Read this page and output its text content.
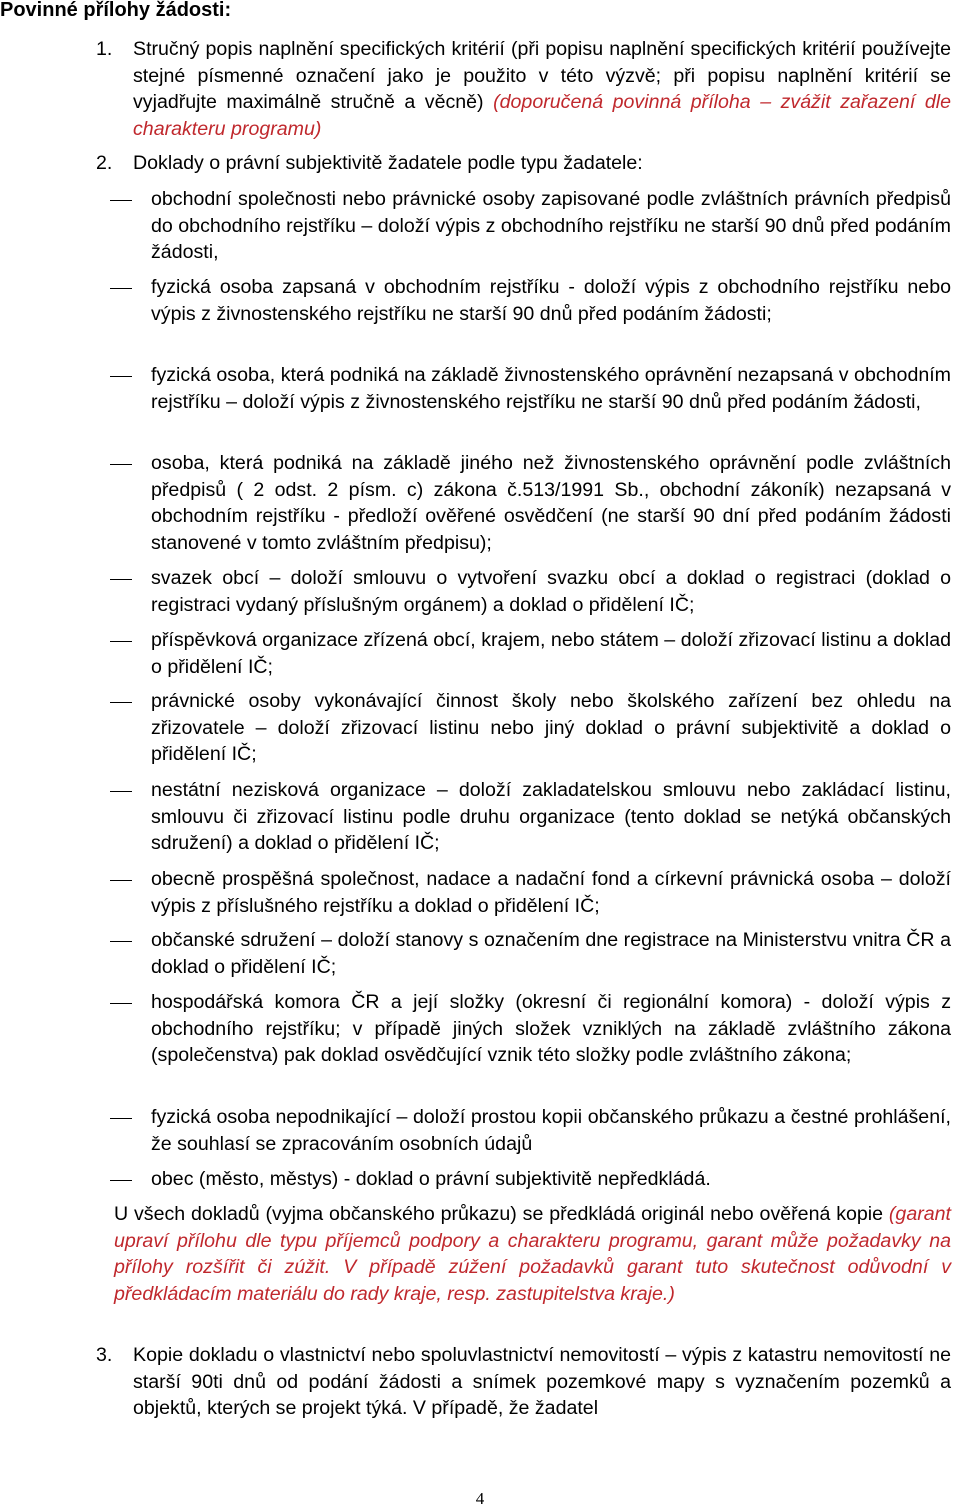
Povinné přílohy žádosti:
1. Stručný popis naplnění specifických kritérií (při popisu naplnění specifických kritérií používejte stejné písmenné označení jako je použito v této výzvě; při popisu naplnění kritérií se vyjadřujte maximálně stručně a věcně) (doporučená povinná příloha – zvážit zařazení dle charakteru programu)
2. Doklady o právní subjektivitě žadatele podle typu žadatele:
obchodní společnosti nebo právnické osoby zapisované podle zvláštních právních předpisů do obchodního rejstříku – doloží výpis z obchodního rejstříku ne starší 90 dnů před podáním žádosti,
fyzická osoba zapsaná v obchodním rejstříku - doloží výpis z obchodního rejstříku nebo výpis z živnostenského rejstříku ne starší 90 dnů před podáním žádosti;
fyzická osoba, která podniká na základě živnostenského oprávnění nezapsaná v obchodním rejstříku – doloží výpis z živnostenského rejstříku ne starší 90 dnů před podáním žádosti,
osoba, která podniká na základě jiného než živnostenského oprávnění podle zvláštních předpisů ( 2 odst. 2 písm. c) zákona č.513/1991 Sb., obchodní zákoník) nezapsaná v obchodním rejstříku - předloží ověřené osvědčení (ne starší 90 dní před podáním žádosti stanovené v tomto zvláštním předpisu);
svazek obcí – doloží smlouvu o vytvoření svazku obcí a doklad o registraci (doklad o registraci vydaný příslušným orgánem) a doklad o přidělení IČ;
příspěvková organizace zřízená obcí, krajem, nebo státem – doloží zřizovací listinu a doklad o přidělení IČ;
právnické osoby vykonávající činnost školy nebo školského zařízení bez ohledu na zřizovatele – doloží zřizovací listinu nebo jiný doklad o právní subjektivitě a doklad o přidělení IČ;
nestátní nezisková organizace – doloží zakladatelskou smlouvu nebo zakládací listinu, smlouvu či zřizovací listinu podle druhu organizace (tento doklad se netýká občanských sdružení) a doklad o přidělení IČ;
obecně prospěšná společnost, nadace a nadační fond a církevní právnická osoba – doloží výpis z příslušného rejstříku a doklad o přidělení IČ;
občanské sdružení – doloží stanovy s označením dne registrace na Ministerstvu vnitra ČR a doklad o přidělení IČ;
hospodářská komora ČR a její složky (okresní či regionální komora) - doloží výpis z obchodního rejstříku; v případě jiných složek vzniklých na základě zvláštního zákona (společenstva) pak doklad osvědčující vznik této složky podle zvláštního zákona;
fyzická osoba nepodnikající – doloží prostou kopii občanského průkazu a čestné prohlášení, že souhlasí se zpracováním osobních údajů
obec (město, městys) - doklad o právní subjektivitě nepředkládá.
U všech dokladů (vyjma občanského průkazu) se předkládá originál nebo ověřená kopie (garant upraví přílohu dle typu příjemců podpory a charakteru programu, garant může požadavky na přílohy rozšířit či zúžit. V případě zúžení požadavků garant tuto skutečnost odůvodní v předkládacím materiálu do rady kraje, resp. zastupitelstva kraje.)
3. Kopie dokladu o vlastnictví nebo spoluvlastnictví nemovitostí – výpis z katastru nemovitostí ne starší 90ti dnů od podání žádosti a snímek pozemkové mapy s vyznačením pozemků a objektů, kterých se projekt týká. V případě, že žadatel
4
